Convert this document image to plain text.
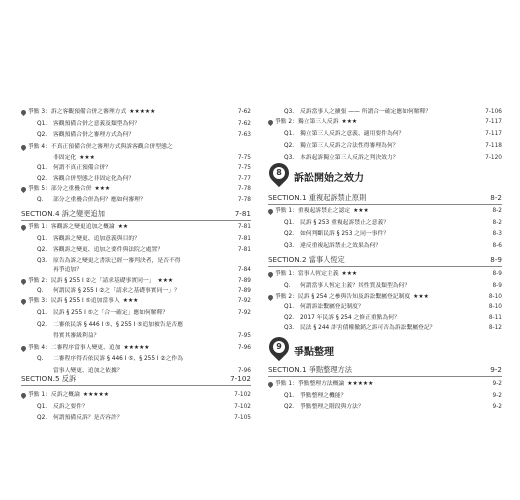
爭點 3：訴之客觀預備合併之審理方式 ★★★★★	7-62
Q1. 客觀預備合併之意義及類型為何？	7-62
Q2. 客觀預備合併之審理方式為何？	7-63
爭點 4：不真正預備合併之審理方式與訴客觀合併型態之
非固定化 ★★★	7-75
Q1. 何謂不真正預備合併？	7-75
Q2. 客觀合併型態之非固定化為何？	7-77
爭點 5：部分之重疊合併 ★★★	7-78
Q. 部分之重疊合併為何？應如何審理？	7-78
SECTION.4 訴之變更追加	7-81
爭點 1：客觀訴之變更追加之概論 ★★	7-81
Q1. 客觀訴之變更、追加意義與目的？	7-81
Q2. 客觀訴之變更、追加之要件與法院之處置？	7-81
Q3. 原告為訴之變更之書狀已經一審判決者，是否不得
再爭追加？	7-84
爭點 2：民訴 § 255 I ②之「請求基礎事實同一」 ★★★	7-89
Q. 何謂民訴 § 255 I ②之「請求之基礎事實同一」？	7-89
爭點 3：民訴 § 255 I ⑤追加當事人 ★★★	7-92
Q1. 民訴 § 255 I ⑤之「合一確定」應如何解釋？	7-92
Q2. 二審依民訴 § 446 I ⑤、§ 255 I ⑤追加被告是否應
得實其審級利益？	7-95
爭點 4：二審程序當事人變更、追加 ★★★★★	7-96
Q. 二審程序得否依民訴 § 446 I ⑤、§ 255 I ②之作為
當事人變更、追加之依據？	7-96
SECTION.5 反訴	7-102
爭點 1：反訴之概論 ★★★★★	7-102
Q1. 反訴之要件？	7-102
Q2. 何謂預備反訴？是否容許？	7-105
Q3. 反訴當事人之擴張 —— 所謂合一確定應如何解釋？	7-106
爭點 2：獨立第三人反訴 ★★★	7-117
Q1. 獨立第三人反訴之意義、適用要件為何？	7-117
Q2. 獨立第三人反訴之合法性得審理為何？	7-118
Q3. 本訴起訴獨立第三人反訴之判決效力？	7-120
8	訴訟開始之效力
SECTION.1 重複起訴禁止原則	8-2
爭點 1：重複起訴禁止之認定 ★★★	8-2
Q1. 民訴 § 253 重複起訴禁止之意義？	8-2
Q2. 如何判斷民訴 § 253 之同一事件？	8-3
Q3. 違反重複起訴禁止之效果為何？	8-6
SECTION.2 當事人恆定	8-9
爭點 1：當事人恆定主義 ★★★	8-9
Q. 何謂當事人恆定主義？其性質及類型為何？	8-9
爭點 2：民訴 § 254 之參與告知及訴訟繫屬登記制度 ★★★	8-10
Q1. 何謂訴訟繫屬登記制度？	8-10
Q2. 2017 年民訴 § 254 之修正重點為何？	8-11
Q3. 民法 § 244 詐害債權撤銷之訴可否為訴訟繫屬登記？	8-12
9	爭點整理
SECTION.1 爭點整理方法	9-2
爭點 1：爭點整理方法概論 ★★★★★	9-2
Q1. 爭點整理之機能？	9-2
Q2. 爭點整理之階段與方法？	9-2
